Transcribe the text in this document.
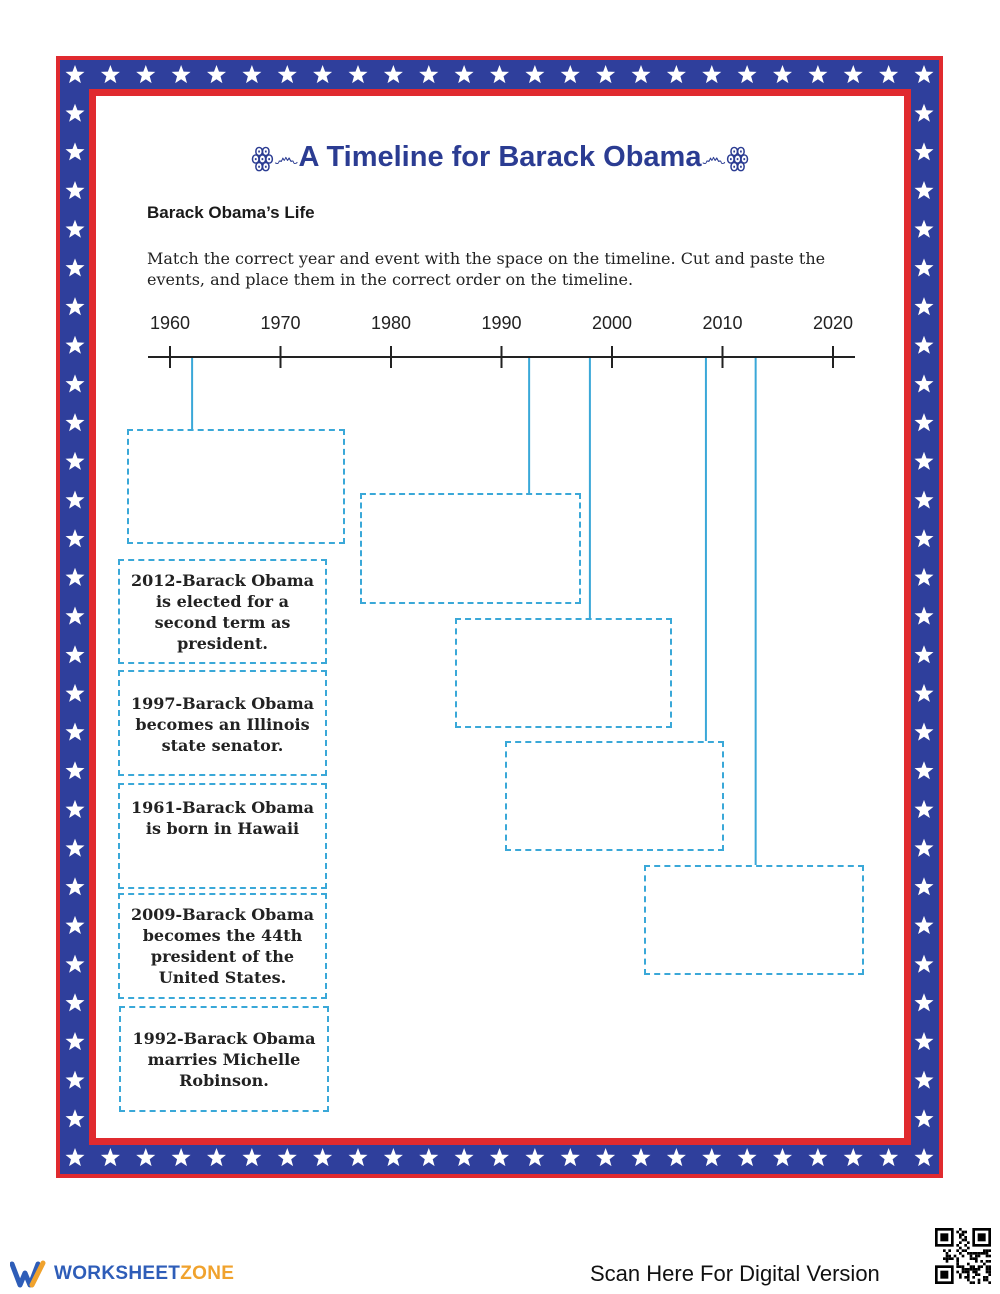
ꙮ෴A Timeline for Barack Obama෴ꙮ
Barack Obama’s Life
Match the correct year and event with the space on the timeline. Cut and paste the events, and place them in the correct order on the timeline.
1960	1970	1980	1990	2000	2010	2020
2012-Barack Obama
is elected for a
second term as
president.
1997-Barack Obama
becomes an Illinois
state senator.
1961-Barack Obama
is born in Hawaii
2009-Barack Obama
becomes the 44th
president of the
United States.
1992-Barack Obama
marries Michelle
Robinson.
WORKSHEETZONE	Scan Here For Digital Version
